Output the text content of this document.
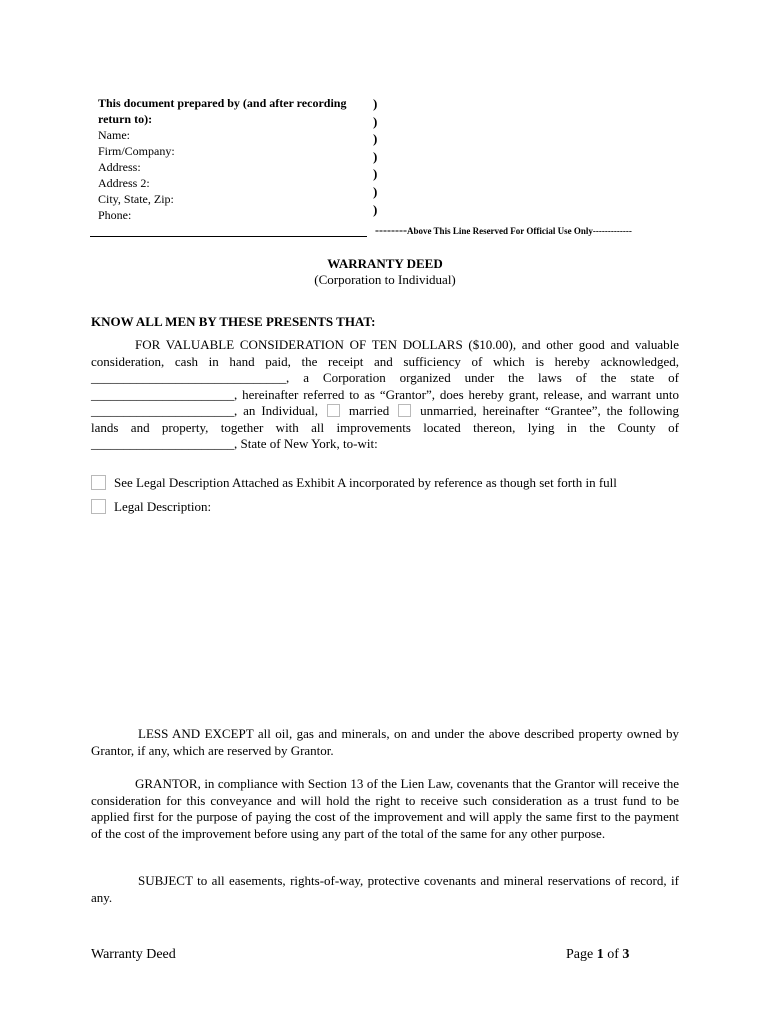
This document prepared by (and after recording
return to):
Name:
Firm/Company:
Address:
Address 2:
City, State, Zip:
Phone:
)
)
)
)
)
)
)
--------Above This Line Reserved For Official Use Only-------------
WARRANTY DEED
(Corporation to Individual)
KNOW ALL MEN BY THESE PRESENTS THAT:
FOR VALUABLE CONSIDERATION OF TEN DOLLARS ($10.00), and other good and valuable consideration, cash in hand paid, the receipt and sufficiency of which is hereby acknowledged, ______________________________, a Corporation organized under the laws of the state of ______________________, hereinafter referred to as “Grantor”, does hereby grant, release, and warrant unto ______________________, an Individual, married unmarried, hereinafter “Grantee”, the following lands and property, together with all improvements located thereon, lying in the County of ______________________, State of New York, to-wit:
See Legal Description Attached as Exhibit A incorporated by reference as though set forth in full
Legal Description:
LESS AND EXCEPT all oil, gas and minerals, on and under the above described property owned by Grantor, if any, which are reserved by Grantor.
GRANTOR, in compliance with Section 13 of the Lien Law, covenants that the Grantor will receive the consideration for this conveyance and will hold the right to receive such consideration as a trust fund to be applied first for the purpose of paying the cost of the improvement and will apply the same first to the payment of the cost of the improvement before using any part of the total of the same for any other purpose.
SUBJECT to all easements, rights-of-way, protective covenants and mineral reservations of record, if any.
Warranty Deed	Page 1 of 3
